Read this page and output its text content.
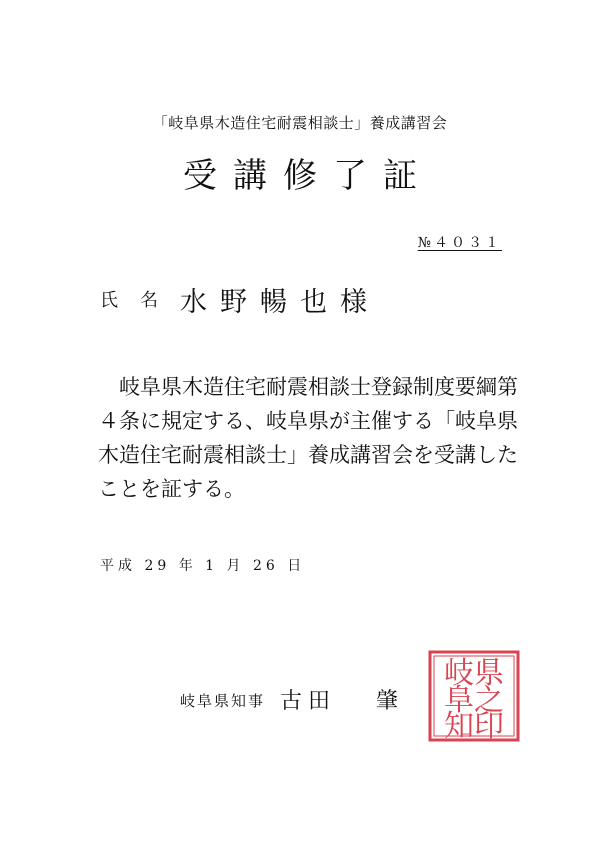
「岐阜県木造住宅耐震相談士」養成講習会
受講修了証
№４０３１
氏名 水野暢也様

岐阜県木造住宅耐震相談士登録制度要綱第４条に規定する、岐阜県が主催する「岐阜県木造住宅耐震相談士」養成講習会を受講したことを証する。

平成 29 年 1 月 26 日
岐阜県知事 古田 肇
県
之
印
岐
阜
知
